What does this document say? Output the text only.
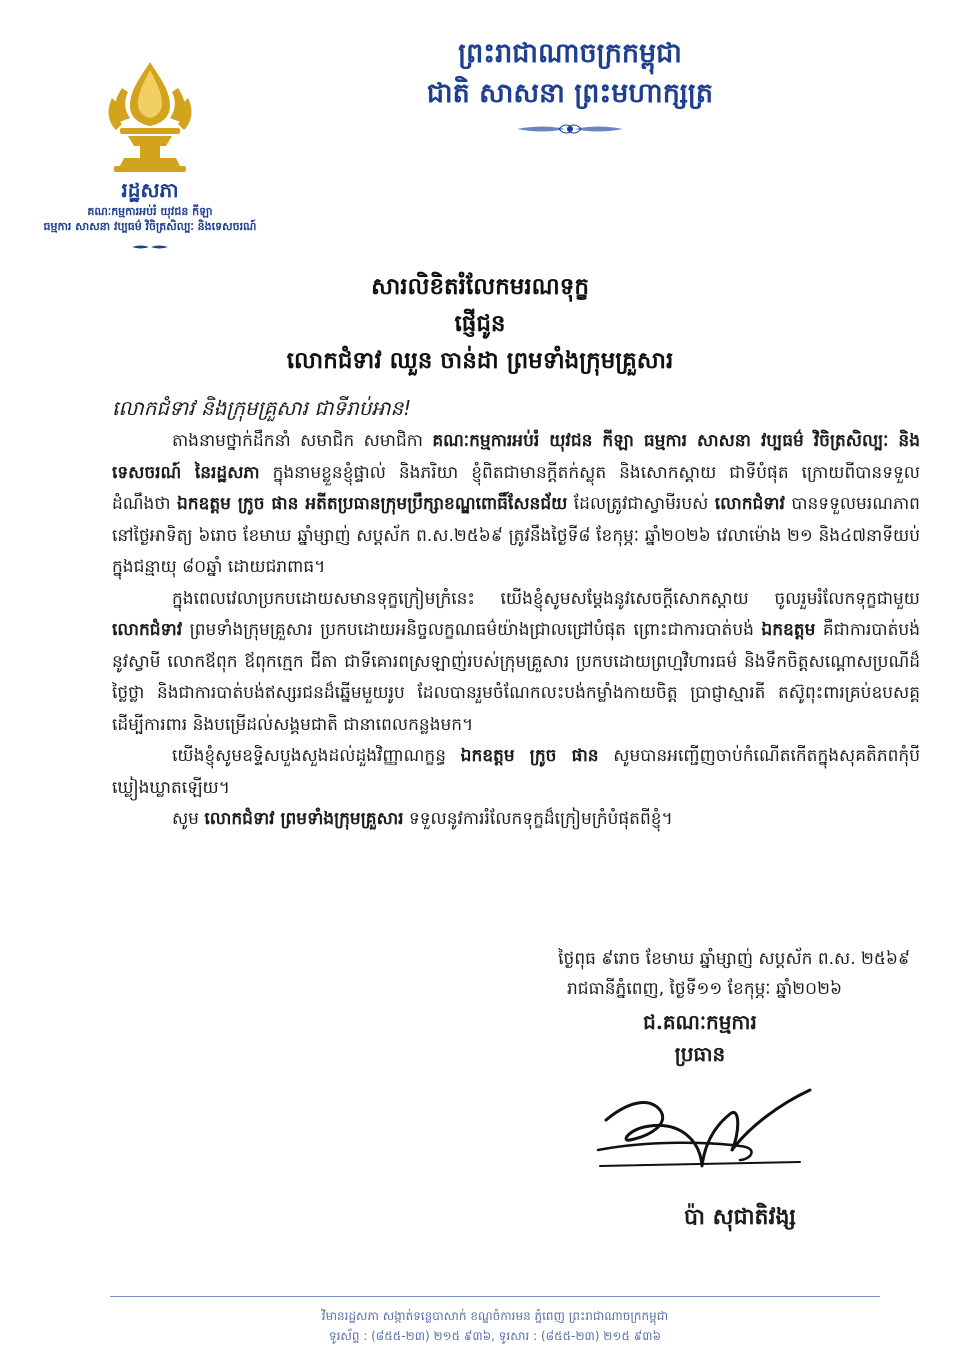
ព្រះរាជាណាចក្រកម្ពុជា
ជាតិ សាសនា ព្រះមហាក្សត្រ
រដ្ឋសភា
គណៈកម្មការអប់រំ យុវជន កីឡា
ធម្មការ សាសនា វប្បធម៌ វិចិត្រសិល្បៈ និងទេសចរណ៍
សារលិខិតរំលែកមរណទុក្ខ
ផ្ញើជូន
លោកជំទាវ ឈួន ចាន់ដា ព្រមទាំងក្រុមគ្រួសារ
លោកជំទាវ និងក្រុមគ្រួសារ ជាទីរាប់អាន!

តាងនាមថ្នាក់ដឹកនាំ សមាជិក សមាជិកា គណៈកម្មការអប់រំ យុវជន កីឡា ធម្មការ សាសនា វប្បធម៌ វិចិត្រសិល្បៈ និងទេសចរណ៍ នៃរដ្ឋសភា ក្នុងនាមខ្លួនខ្ញុំផ្ទាល់ និងភរិយា ខ្ញុំពិតជាមានក្តីតក់ស្លុត និងសោកស្តាយ ជាទីបំផុត ក្រោយពីបានទទួលដំណឹងថា ឯកឧត្តម ក្រូច ផាន អតីតប្រធានក្រុមប្រឹក្សាខណ្ឌពោធិ៍សែនជ័យ ដែលត្រូវជាស្វាមីរបស់ លោកជំទាវ បានទទួលមរណភាពនៅថ្ងៃអាទិត្យ ៦រោច ខែមាឃ ឆ្នាំម្សាញ់ សប្តស័ក ព.ស.២៥៦៩ ត្រូវនឹងថ្ងៃទី៨ ខែកុម្ភៈ ឆ្នាំ២០២៦ វេលាម៉ោង ២១ និង៤៧នាទីយប់ ក្នុងជន្មាយុ ៨០ឆ្នាំ ដោយជរាពាធ។

ក្នុងពេលវេលាប្រកបដោយសមានទុក្ខក្រៀមក្រំនេះ យើងខ្ញុំសូមសម្តែងនូវសេចក្តីសោកស្តាយ ចូលរួមរំលែកទុក្ខជាមួយ លោកជំទាវ ព្រមទាំងក្រុមគ្រួសារ ប្រកបដោយអនិច្ចលក្ខណធម៌យ៉ាងជ្រាលជ្រៅបំផុត ព្រោះជាការបាត់បង់ ឯកឧត្តម គឺជាការបាត់បង់នូវស្វាមី លោកឪពុក ឪពុកក្មេក ជីតា ជាទីគោរពស្រឡាញ់របស់ក្រុមគ្រួសារ ប្រកបដោយព្រហ្មវិហារធម៌ និងទឹកចិត្តសណ្តោសប្រណីដ៏ថ្លៃថ្លា និងជាការបាត់បង់ឥស្សរជនដ៏ឆ្នើមមួយរូប ដែលបានរួមចំណែកលះបង់កម្លាំងកាយចិត្ត ប្រាជ្ញាស្មារតី តស៊ូពុះពារគ្រប់ឧបសគ្គ ដើម្បីការពារ និងបម្រើដល់សង្គមជាតិ ជានាពេលកន្លងមក។

យើងខ្ញុំសូមឧទ្ទិសបួងសួងដល់ដួងវិញ្ញាណក្ខន្ធ ឯកឧត្តម ក្រូច ផាន សូមបានអញ្ជើញចាប់កំណើតកើតក្នុងសុគតិភពកុំបីឃ្លៀងឃ្លាតឡើយ។

សូម លោកជំទាវ ព្រមទាំងក្រុមគ្រួសារ ទទួលនូវការរំលែកទុក្ខដ៏ក្រៀមក្រំបំផុតពីខ្ញុំ។

ថ្ងៃពុធ ៩រោច ខែមាឃ ឆ្នាំម្សាញ់ សប្តស័ក ព.ស. ២៥៦៩
រាជធានីភ្នំពេញ, ថ្ងៃទី១១ ខែកុម្ភៈ ឆ្នាំ២០២៦
ជ.គណៈកម្មការ
ប្រធាន
ប៉ា សុជាតិវង្ស
វិមានរដ្ឋសភា សង្កាត់ទន្លេបាសាក់ ខណ្ឌចំការមន ភ្នំពេញ ព្រះរាជាណាចក្រកម្ពុជា
ទូរស័ព្ទ : (៨៥៥-២៣) ២១៥ ៩៣៦, ទូរសារ : (៨៥៥-២៣) ២១៥ ៩៣៦
